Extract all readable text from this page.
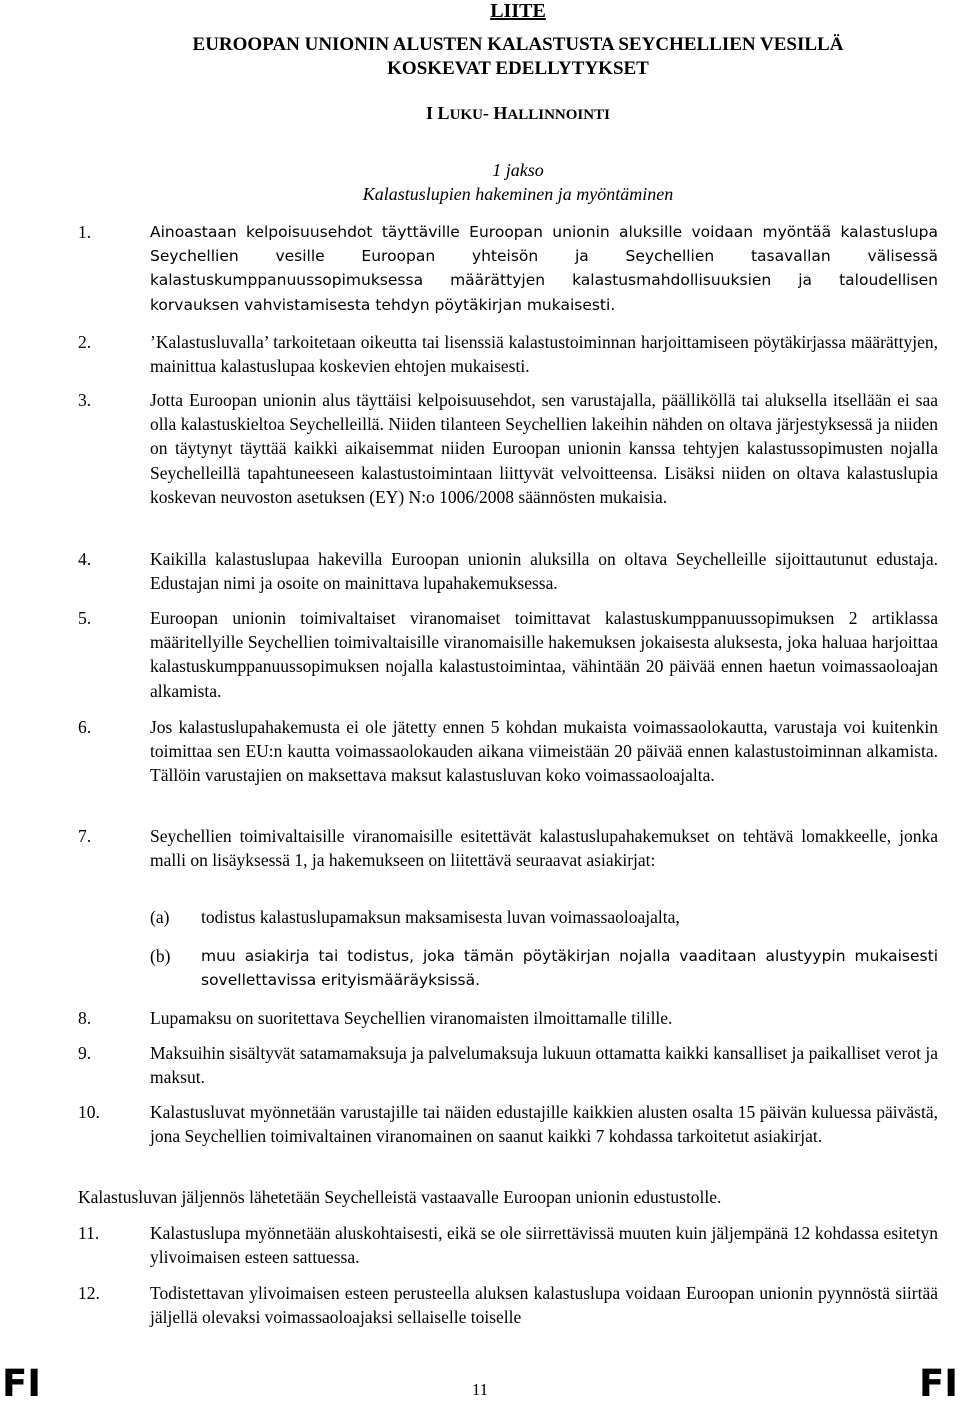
LIITE
EUROOPAN UNIONIN ALUSTEN KALASTUSTA SEYCHELLIEN VESILLÄ
KOSKEVAT EDELLYTYKSET
I LUKU- HALLINNOINTI
1 jakso
Kalastuslupien hakeminen ja myöntäminen
1.	Ainoastaan kelpoisuusehdot täyttäville Euroopan unionin aluksille voidaan myöntää kalastuslupa Seychellien vesille Euroopan yhteisön ja Seychellien tasavallan välisessä kalastuskumppanuussopimuksessa määrättyjen kalastusmahdollisuuksien ja taloudellisen korvauksen vahvistamisesta tehdyn pöytäkirjan mukaisesti.
2.	’Kalastusluvalla’ tarkoitetaan oikeutta tai lisenssiä kalastustoiminnan harjoittamiseen pöytäkirjassa määrättyjen, mainittua kalastuslupaa koskevien ehtojen mukaisesti.
3.	Jotta Euroopan unionin alus täyttäisi kelpoisuusehdot, sen varustajalla, päälliköllä tai aluksella itsellään ei saa olla kalastuskieltoa Seychelleillä. Niiden tilanteen Seychellien lakeihin nähden on oltava järjestyksessä ja niiden on täytynyt täyttää kaikki aikaisemmat niiden Euroopan unionin kanssa tehtyjen kalastussopimusten nojalla Seychelleillä tapahtuneeseen kalastustoimintaan liittyvät velvoitteensa. Lisäksi niiden on oltava kalastuslupia koskevan neuvoston asetuksen (EY) N:o 1006/2008 säännösten mukaisia.
4.	Kaikilla kalastuslupaa hakevilla Euroopan unionin aluksilla on oltava Seychelleille sijoittautunut edustaja. Edustajan nimi ja osoite on mainittava lupahakemuksessa.
5.	Euroopan unionin toimivaltaiset viranomaiset toimittavat kalastuskumppanuussopimuksen 2 artiklassa määritellyille Seychellien toimivaltaisille viranomaisille hakemuksen jokaisesta aluksesta, joka haluaa harjoittaa kalastuskumppanuussopimuksen nojalla kalastustoimintaa, vähintään 20 päivää ennen haetun voimassaoloajan alkamista.
6.	Jos kalastuslupahakemusta ei ole jätetty ennen 5 kohdan mukaista voimassaolokautta, varustaja voi kuitenkin toimittaa sen EU:n kautta voimassaolokauden aikana viimeistään 20 päivää ennen kalastustoiminnan alkamista. Tällöin varustajien on maksettava maksut kalastusluvan koko voimassaoloajalta.
7.	Seychellien toimivaltaisille viranomaisille esitettävät kalastuslupahakemukset on tehtävä lomakkeelle, jonka malli on lisäyksessä 1, ja hakemukseen on liitettävä seuraavat asiakirjat:
(a) todistus kalastuslupamaksun maksamisesta luvan voimassaoloajalta,
(b) muu asiakirja tai todistus, joka tämän pöytäkirjan nojalla vaaditaan alustyypin mukaisesti sovellettavissa erityismääräyksissä.
8.	Lupamaksu on suoritettava Seychellien viranomaisten ilmoittamalle tilille.
9.	Maksuihin sisältyvät satamamaksuja ja palvelumaksuja lukuun ottamatta kaikki kansalliset ja paikalliset verot ja maksut.
10.	Kalastusluvat myönnetään varustajille tai näiden edustajille kaikkien alusten osalta 15 päivän kuluessa päivästä, jona Seychellien toimivaltainen viranomainen on saanut kaikki 7 kohdassa tarkoitetut asiakirjat.
Kalastusluvan jäljennös lähetetään Seychelleistä vastaavalle Euroopan unionin edustustolle.
11.	Kalastuslupa myönnetään aluskohtaisesti, eikä se ole siirrettävissä muuten kuin jäljempänä 12 kohdassa esitetyn ylivoimaisen esteen sattuessa.
12.	Todistettavan ylivoimaisen esteen perusteella aluksen kalastuslupa voidaan Euroopan unionin pyynnöstä siirtää jäljellä olevaksi voimassaoloajaksi sellaiselle toiselle
FI	11	FI
